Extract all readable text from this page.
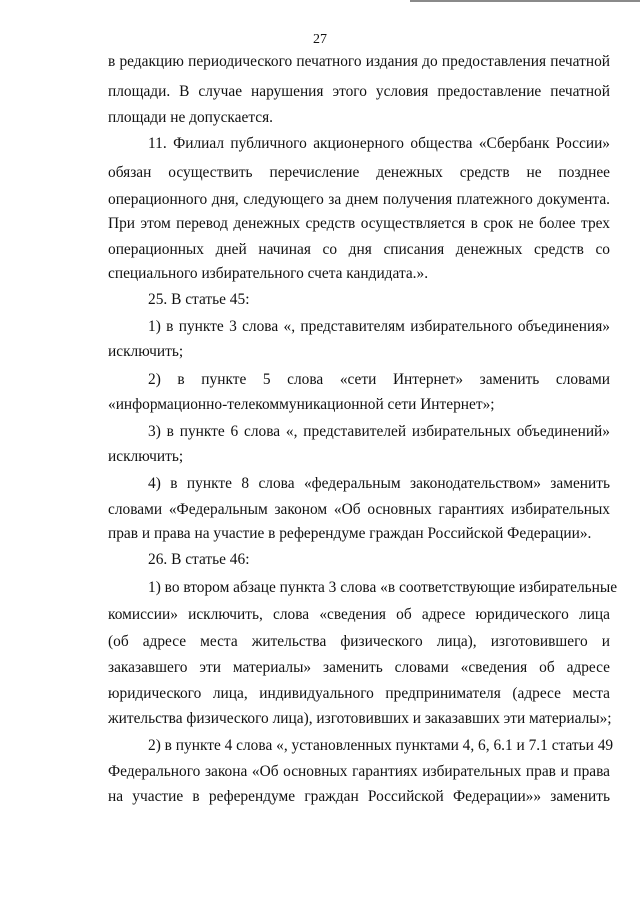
27
в редакцию периодического печатного издания до предоставления печатной
площади. В случае нарушения этого условия предоставление печатной
площади не допускается.
11. Филиал публичного акционерного общества «Сбербанк России»
обязан осуществить перечисление денежных средств не позднее
операционного дня, следующего за днем получения платежного документа.
При этом перевод денежных средств осуществляется в срок не более трех
операционных дней начиная со дня списания денежных средств со
специального избирательного счета кандидата.».
25. В статье 45:
1) в пункте 3 слова «, представителям избирательного объединения»
исключить;
2) в пункте 5 слова «сети Интернет» заменить словами
«информационно-телекоммуникационной сети Интернет»;
3) в пункте 6 слова «, представителей избирательных объединений»
исключить;
4) в пункте 8 слова «федеральным законодательством» заменить
словами «Федеральным законом «Об основных гарантиях избирательных
прав и права на участие в референдуме граждан Российской Федерации».
26. В статье 46:
1) во втором абзаце пункта 3 слова «в соответствующие избирательные
комиссии» исключить, слова «сведения об адресе юридического лица
(об адресе места жительства физического лица), изготовившего и
заказавшего эти материалы» заменить словами «сведения об адресе
юридического лица, индивидуального предпринимателя (адресе места
жительства физического лица), изготовивших и заказавших эти материалы»;
2) в пункте 4 слова «, установленных пунктами 4, 6, 6.1 и 7.1 статьи 49
Федерального закона «Об основных гарантиях избирательных прав и права
на участие в референдуме граждан Российской Федерации»» заменить
